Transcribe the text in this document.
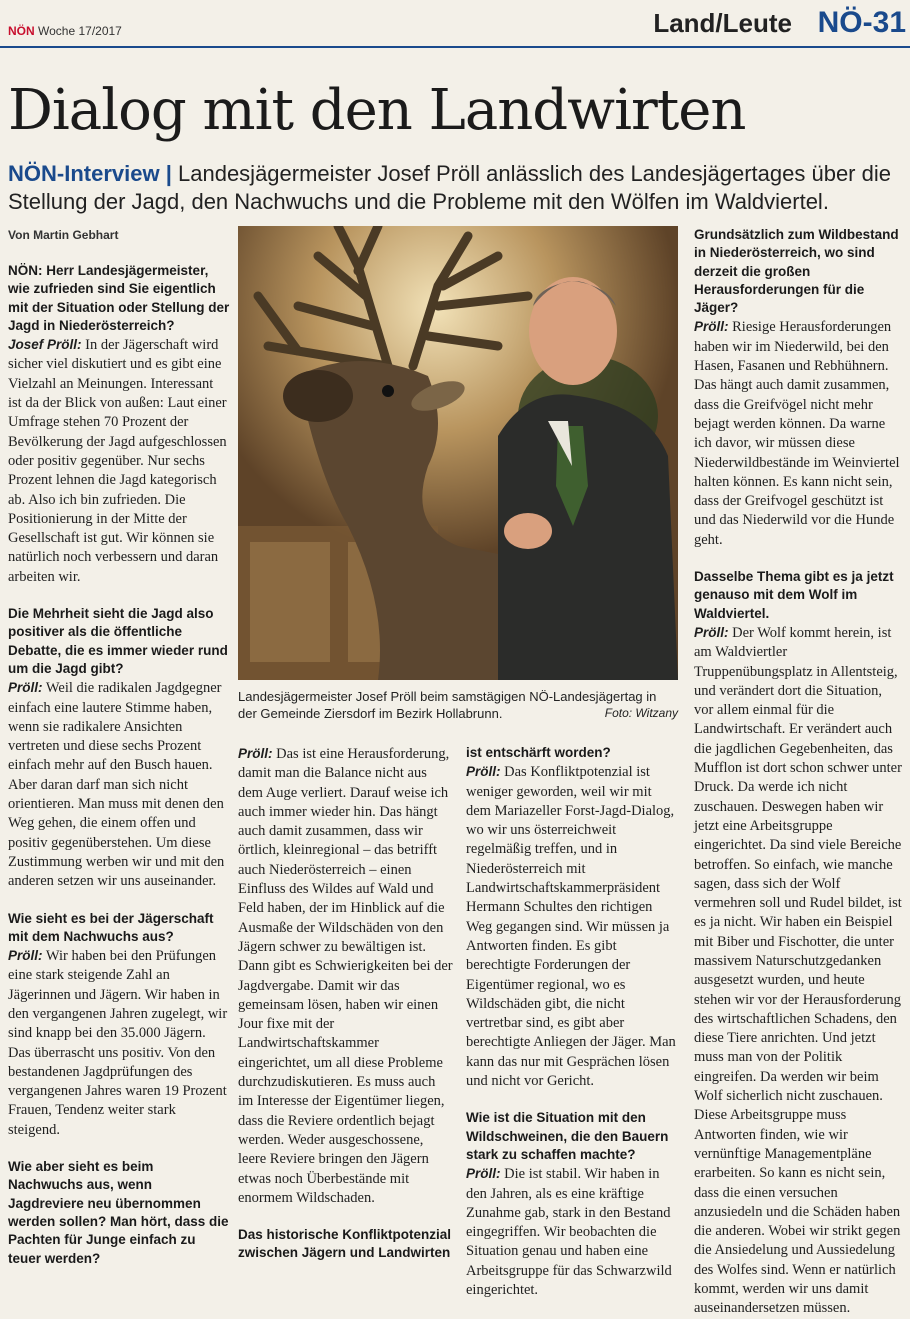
NÖN Woche 17/2017	Land/Leute NÖ-31
Dialog mit den Landwirten
NÖN-Interview | Landesjägermeister Josef Pröll anlässlich des Landesjägertages über die Stellung der Jagd, den Nachwuchs und die Probleme mit den Wölfen im Waldviertel.
Von Martin Gebhart

NÖN: Herr Landesjägermeister, wie zufrieden sind Sie eigentlich mit der Situation oder Stellung der Jagd in Niederösterreich?

Josef Pröll: In der Jägerschaft wird sicher viel diskutiert und es gibt eine Vielzahl an Meinungen. Interessant ist da der Blick von außen: Laut einer Umfrage stehen 70 Prozent der Bevölkerung der Jagd aufgeschlossen oder positiv gegenüber. Nur sechs Prozent lehnen die Jagd kategorisch ab. Also ich bin zufrieden. Die Positionierung in der Mitte der Gesellschaft ist gut. Wir können sie natürlich noch verbessern und daran arbeiten wir.

Die Mehrheit sieht die Jagd also positiver als die öffentliche Debatte, die es immer wieder rund um die Jagd gibt?

Pröll: Weil die radikalen Jagdgegner einfach eine lautere Stimme haben, wenn sie radikalere Ansichten vertreten und diese sechs Prozent einfach mehr auf den Busch hauen. Aber daran darf man sich nicht orientieren. Man muss mit denen den Weg gehen, die einem offen und positiv gegenüberstehen. Um diese Zustimmung werben wir und mit den anderen setzen wir uns auseinander.

Wie sieht es bei der Jägerschaft mit dem Nachwuchs aus?

Pröll: Wir haben bei den Prüfungen eine stark steigende Zahl an Jägerinnen und Jägern. Wir haben in den vergangenen Jahren zugelegt, wir sind knapp bei den 35.000 Jägern. Das überrascht uns positiv. Von den bestandenen Jagdprüfungen des vergangenen Jahres waren 19 Prozent Frauen, Tendenz weiter stark steigend.

Wie aber sieht es beim Nachwuchs aus, wenn Jagdreviere neu übernommen werden sollen? Man hört, dass die Pachten für Junge einfach zu teuer werden?

Landesjägermeister Josef Pröll beim samstägigen NÖ-Landesjägertag in der Gemeinde Ziersdorf im Bezirk Hollabrunn.	Foto: Witzany

Pröll: Das ist eine Herausforderung, damit man die Balance nicht aus dem Auge verliert. Darauf weise ich auch immer wieder hin. Das hängt auch damit zusammen, dass wir örtlich, kleinregional – das betrifft auch Niederösterreich – einen Einfluss des Wildes auf Wald und Feld haben, der im Hinblick auf die Ausmaße der Wildschäden von den Jägern schwer zu bewältigen ist. Dann gibt es Schwierigkeiten bei der Jagdvergabe. Damit wir das gemeinsam lösen, haben wir einen Jour fixe mit der Landwirtschaftskammer eingerichtet, um all diese Probleme durchzudiskutieren. Es muss auch im Interesse der Eigentümer liegen, dass die Reviere ordentlich bejagt werden. Weder ausgeschossene, leere Reviere bringen den Jägern etwas noch Überbestände mit enormem Wildschaden.

Das historische Konfliktpotenzial zwischen Jägern und Landwirten

ist entschärft worden?

Pröll: Das Konfliktpotenzial ist weniger geworden, weil wir mit dem Mariazeller Forst-Jagd-Dialog, wo wir uns österreichweit regelmäßig treffen, und in Niederösterreich mit Landwirtschaftskammerpräsident Hermann Schultes den richtigen Weg gegangen sind. Wir müssen ja Antworten finden. Es gibt berechtigte Forderungen der Eigentümer regional, wo es Wildschäden gibt, die nicht vertretbar sind, es gibt aber berechtigte Anliegen der Jäger. Man kann das nur mit Gesprächen lösen und nicht vor Gericht.

Wie ist die Situation mit den Wildschweinen, die den Bauern stark zu schaffen machte?

Pröll: Die ist stabil. Wir haben in den Jahren, als es eine kräftige Zunahme gab, stark in den Bestand eingegriffen. Wir beobachten die Situation genau und haben eine Arbeitsgruppe für das Schwarzwild eingerichtet.

Grundsätzlich zum Wildbestand in Niederösterreich, wo sind derzeit die großen Herausforderungen für die Jäger?

Pröll: Riesige Herausforderungen haben wir im Niederwild, bei den Hasen, Fasanen und Rebhühnern. Das hängt auch damit zusammen, dass die Greifvögel nicht mehr bejagt werden können. Da warne ich davor, wir müssen diese Niederwildbestände im Weinviertel halten können. Es kann nicht sein, dass der Greifvogel geschützt ist und das Niederwild vor die Hunde geht.

Dasselbe Thema gibt es ja jetzt genauso mit dem Wolf im Waldviertel.

Pröll: Der Wolf kommt herein, ist am Waldviertler Truppenübungsplatz in Allentsteig, und verändert dort die Situation, vor allem einmal für die Landwirtschaft. Er verändert auch die jagdlichen Gegebenheiten, das Mufflon ist dort schon schwer unter Druck. Da werde ich nicht zuschauen. Deswegen haben wir jetzt eine Arbeitsgruppe eingerichtet. Da sind viele Bereiche betroffen. So einfach, wie manche sagen, dass sich der Wolf vermehren soll und Rudel bildet, ist es ja nicht. Wir haben ein Beispiel mit Biber und Fischotter, die unter massivem Naturschutzgedanken ausgesetzt wurden, und heute stehen wir vor der Herausforderung des wirtschaftlichen Schadens, den diese Tiere anrichten. Und jetzt muss man von der Politik eingreifen. Da werden wir beim Wolf sicherlich nicht zuschauen. Diese Arbeitsgruppe muss Antworten finden, wie wir vernünftige Managementpläne erarbeiten. So kann es nicht sein, dass die einen versuchen anzusiedeln und die Schäden haben die anderen. Wobei wir strikt gegen die Ansiedelung und Aussiedelung des Wolfes sind. Wenn er natürlich kommt, werden wir uns damit auseinandersetzen müssen.
